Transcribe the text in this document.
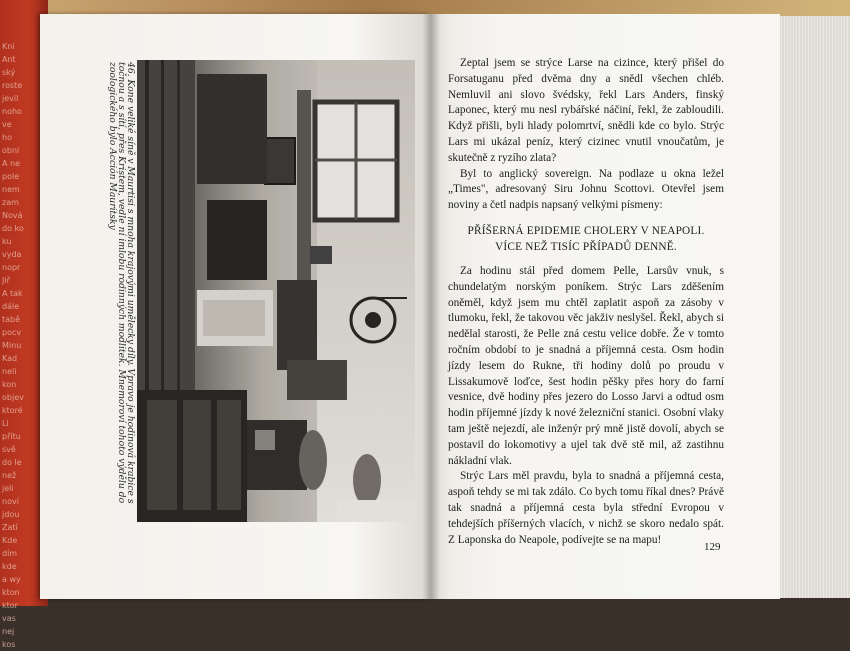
Kni
Ant
ský
roste
jevil
noho
ve
ho
obni
A ne
pole
nem
zam
Nová
do ko
ku
vyda
nopr
Jiř
A tak
dále
tabě
pocv
Minu
Kad
neli
kon
objev
ktoré
Li
přítu
svě
do le
než
jeli
noví
jdou
Zatí
Kde
dím
kde
a wy
kton
ktor
vas
nej
kos
46. Kone veliké síně v Maurtisi s mnoha krajovými umělecky díly. Vpravo je hodinová krabice s točnou a s sítí, přes Kristem, vedle ní imlobu rodinných modlitek. Mnemoroví tohoto výdělu do zoologického bylo Acción Mauritsky	Zeptal jsem se strýce Larse na cizince, který přišel do Forsatuganu před dvěma dny a snědl všechen chléb. Nemluvil ani slovo švédsky, řekl Lars Anders, finský Laponec, který mu nesl rybářské náčiní, řekl, že zabloudili. Když přišli, byli hlady polomrtví, snědli kde co bylo. Strýc Lars mi ukázal peníz, který cizinec vnutil vnoučatům, je skutečně z ryzího zlata?

Byl to anglický sovereign. Na podlaze u okna ležel „Times", adresovaný Siru Johnu Scottovi. Otevřel jsem noviny a četl nadpis napsaný velkými písmeny:

PŘÍŠERNÁ EPIDEMIE CHOLERY V NEAPOLI.
VÍCE NEŽ TISÍC PŘÍPADŮ DENNĚ.

Za hodinu stál před domem Pelle, Larsův vnuk, s chundelatým norským poníkem. Strýc Lars zděšením oněměl, když jsem mu chtěl zaplatit aspoň za zásoby v tlumoku, řekl, že takovou věc jakživ neslyšel. Řekl, abych si nedělal starosti, že Pelle zná cestu velice dobře. Že v tomto ročním období to je snadná a příjemná cesta. Osm hodin jízdy lesem do Rukne, tři hodiny dolů po proudu v Lissakumově loďce, šest hodin pěšky přes hory do farní vesnice, dvě hodiny přes jezero do Losso Jarvi a odtud osm hodin příjemné jízdy k nové železniční stanici. Osobní vlaky tam ještě nejezdí, ale inženýr prý mně jistě dovolí, abych se postavil do lokomotivy a ujel tak dvě stě mil, až zastihnu nákladní vlak.

Strýc Lars měl pravdu, byla to snadná a příjemná cesta, aspoň tehdy se mi tak zdálo. Co bych tomu říkal dnes? Právě tak snadná a příjemná cesta byla střední Evropou v tehdejších příšerných vlacích, v nichž se skoro nedalo spát. Z Laponska do Neapole, podívejte se na mapu!

129
